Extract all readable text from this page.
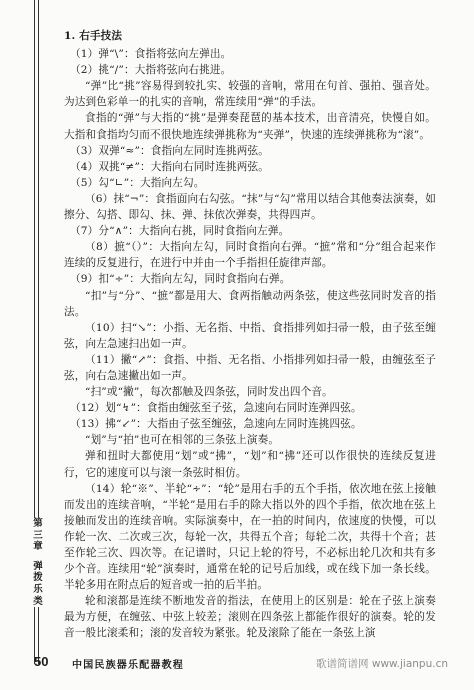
第
三
章
弹
拨
乐
类

1. 右手技法

（1）弹“\”：食指将弦向左弹出。

（2）挑“/”：大指将弦向右挑进。

“弹”比“挑”容易得到较扎实、较强的音响，常用在句首、强拍、强音处。为达到色彩单一的扎实的音响，常连续用“弹”的手法。

食指的“弹”与大指的“挑”是弹奏琵琶的基本技术，出音清亮，快慢自如。大指和食指均匀而不很快地连续弹挑称为“夹弹”，快速的连续弹挑称为“滚”。

（3）双弹“≈”：食指向左同时连挑两弦。

（4）双挑“≠”：大指向右同时连挑两弦。

（5）勾“∟”：大指向左勾。

（6）抹“¬”：食指面向右勾弦。“抹”与“勾”常用以结合其他奏法演奏，如擦分、勾搭、即勾、抹、弹、抹依次弹奏，共得四声。

（7）分“∧”：大指向右挑，同时食指向左弹。

（8）摭“（）”：大指向左勾，同时食指向右弹。“摭”常和“分”组合起来作连续的反复进行，在进行中并由一个手指担任旋律声部。

（9）扣“÷”：大指向左勾，同时食指向右弹。

“扣”与“分”、“摭”都是用大、食两指触动两条弦，使这些弦同时发音的指法。

（10）扫“↘”：小指、无名指、中指、食指排列如扫帚一般，由子弦至缠弦，向左急速扫出如一声。

（11）撇“↗”：食指、中指、无名指、小指排列如扫帚一般，由缠弦至子弦，向右急速撇出如一声。

“扫”或“撇”，每次都触及四条弦，同时发出四个音。

（12）划“↯”：食指由缠弦至子弦，急速向右同时连弹四弦。

（13）拂“↙”：大指由子弦至缠弦，急速向左同时连挑四弦。

“划”与“拍”也可在相邻的三条弦上演奏。

弹和扭时大都使用“划”或“拂”，“划”和“拂”还可以作很快的连续反复进行，它的速度可以与滚一条弦时相仿。

（14）轮“※”、半轮“∻”：“轮”是用右手的五个手指，依次地在弦上接触而发出的连续音响，“半轮”是用右手的除大指以外的四个手指，依次地在弦上接触而发出的连续音响。实际演奏中，在一拍的时间内，依速度的快慢，可以作轮一次、二次或三次，每轮一次，共得五个音；每轮二次，共得十个音；甚至作轮三次、四次等。在记谱时，只记上轮的符号，不必标出轮几次和共有多少个音。连续用“轮”演奏时，通常在轮的记号后加线，或在线下加一条长线。半轮多用在附点后的短音或一拍的后半拍。

轮和滚都是连续不断地发音的指法，在使用上的区别是：轮在子弦上演奏最为方便，在缠弦、中弦上较差；滚则在四条弦上都能作很好的演奏。轮的发音一般比滚柔和；滚的发音较为紧张。轮及滚除了能在一条弦上演

50 中国民族器乐配器教程	歌谱简谱网 www.jianpu.cn
